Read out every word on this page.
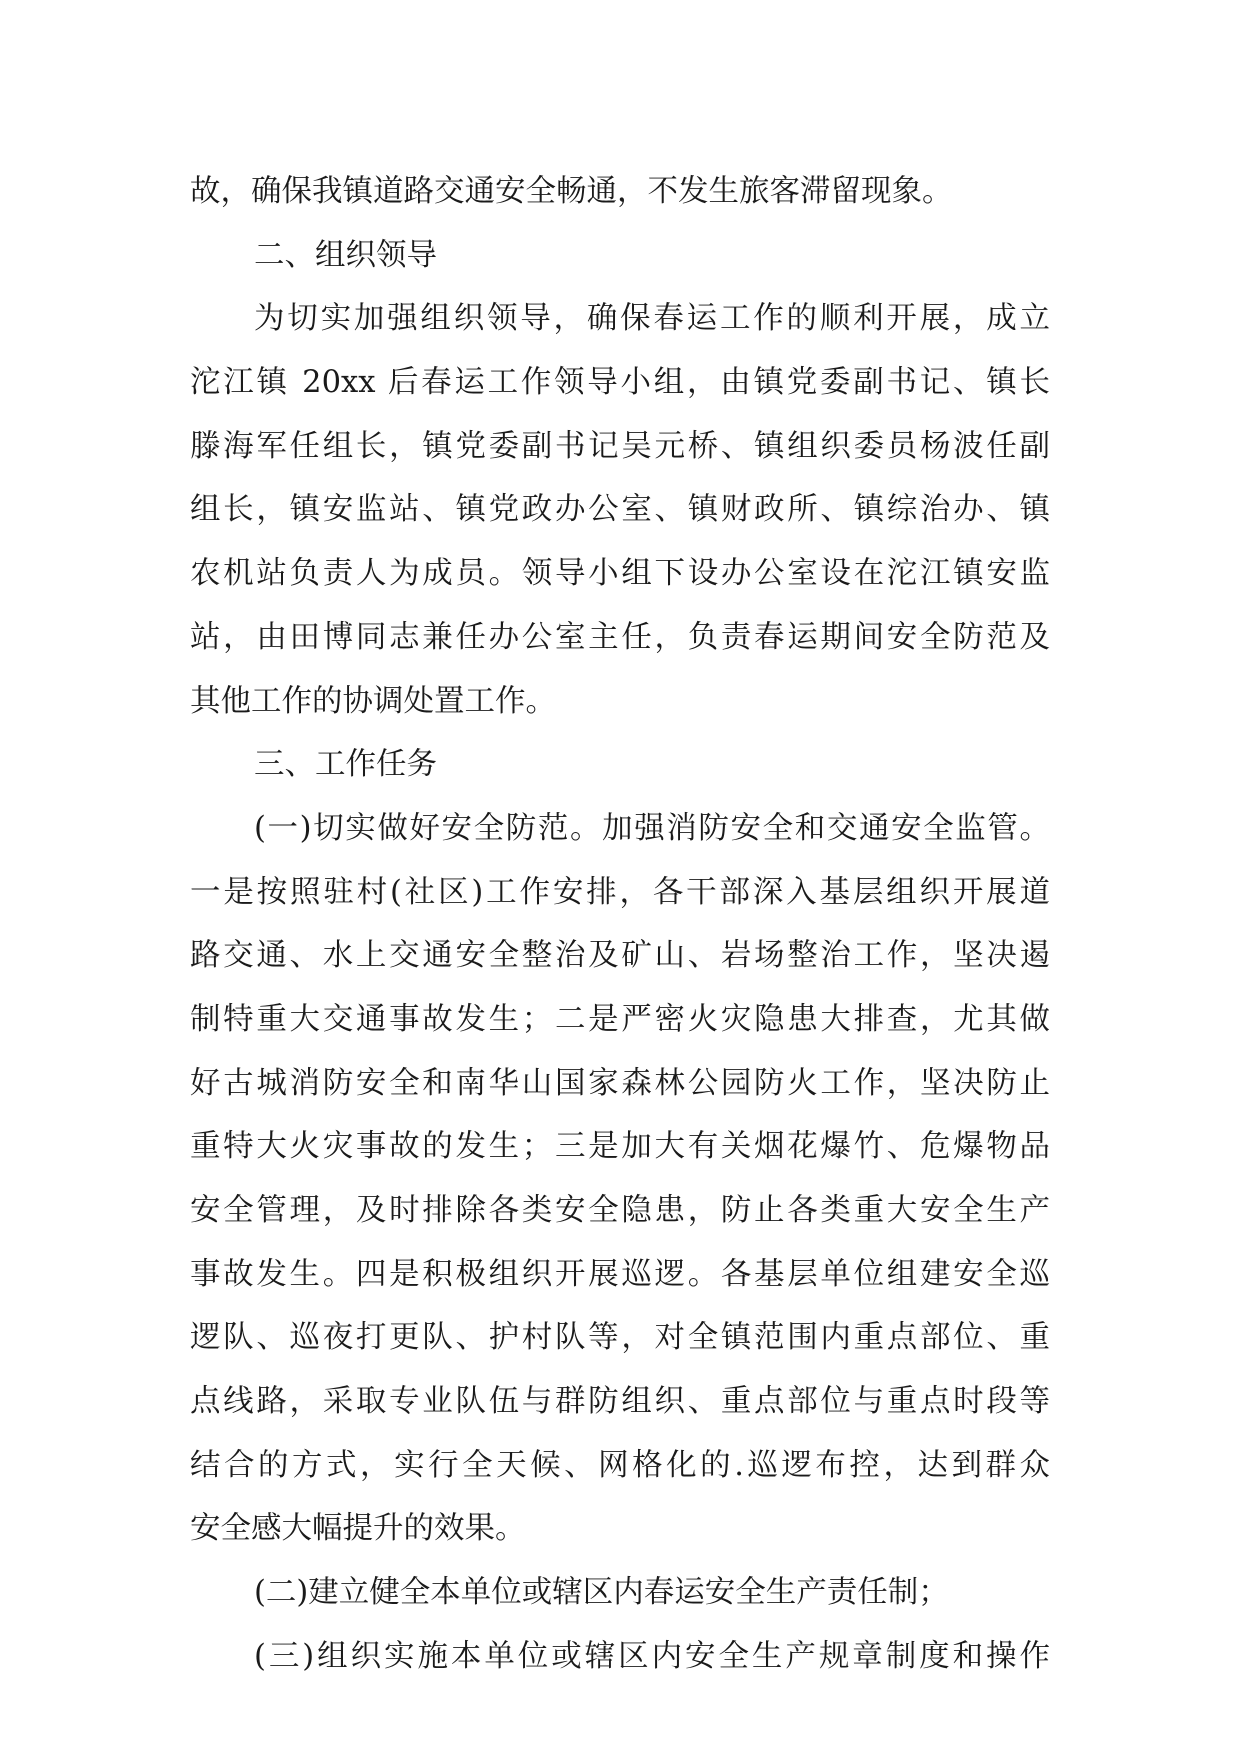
故，确保我镇道路交通安全畅通，不发生旅客滞留现象。
二、组织领导
为切实加强组织领导，确保春运工作的顺利开展，成立
沱江镇 20xx 后春运工作领导小组，由镇党委副书记、镇长
滕海军任组长，镇党委副书记吴元桥、镇组织委员杨波任副
组长，镇安监站、镇党政办公室、镇财政所、镇综治办、镇
农机站负责人为成员。领导小组下设办公室设在沱江镇安监
站，由田博同志兼任办公室主任，负责春运期间安全防范及
其他工作的协调处置工作。
三、工作任务
(一)切实做好安全防范。加强消防安全和交通安全监管。
一是按照驻村(社区)工作安排，各干部深入基层组织开展道
路交通、水上交通安全整治及矿山、岩场整治工作，坚决遏
制特重大交通事故发生；二是严密火灾隐患大排查，尤其做
好古城消防安全和南华山国家森林公园防火工作，坚决防止
重特大火灾事故的发生；三是加大有关烟花爆竹、危爆物品
安全管理，及时排除各类安全隐患，防止各类重大安全生产
事故发生。四是积极组织开展巡逻。各基层单位组建安全巡
逻队、巡夜打更队、护村队等，对全镇范围内重点部位、重
点线路，采取专业队伍与群防组织、重点部位与重点时段等
结合的方式，实行全天候、网格化的.巡逻布控，达到群众
安全感大幅提升的效果。
(二)建立健全本单位或辖区内春运安全生产责任制；
(三)组织实施本单位或辖区内安全生产规章制度和操作
